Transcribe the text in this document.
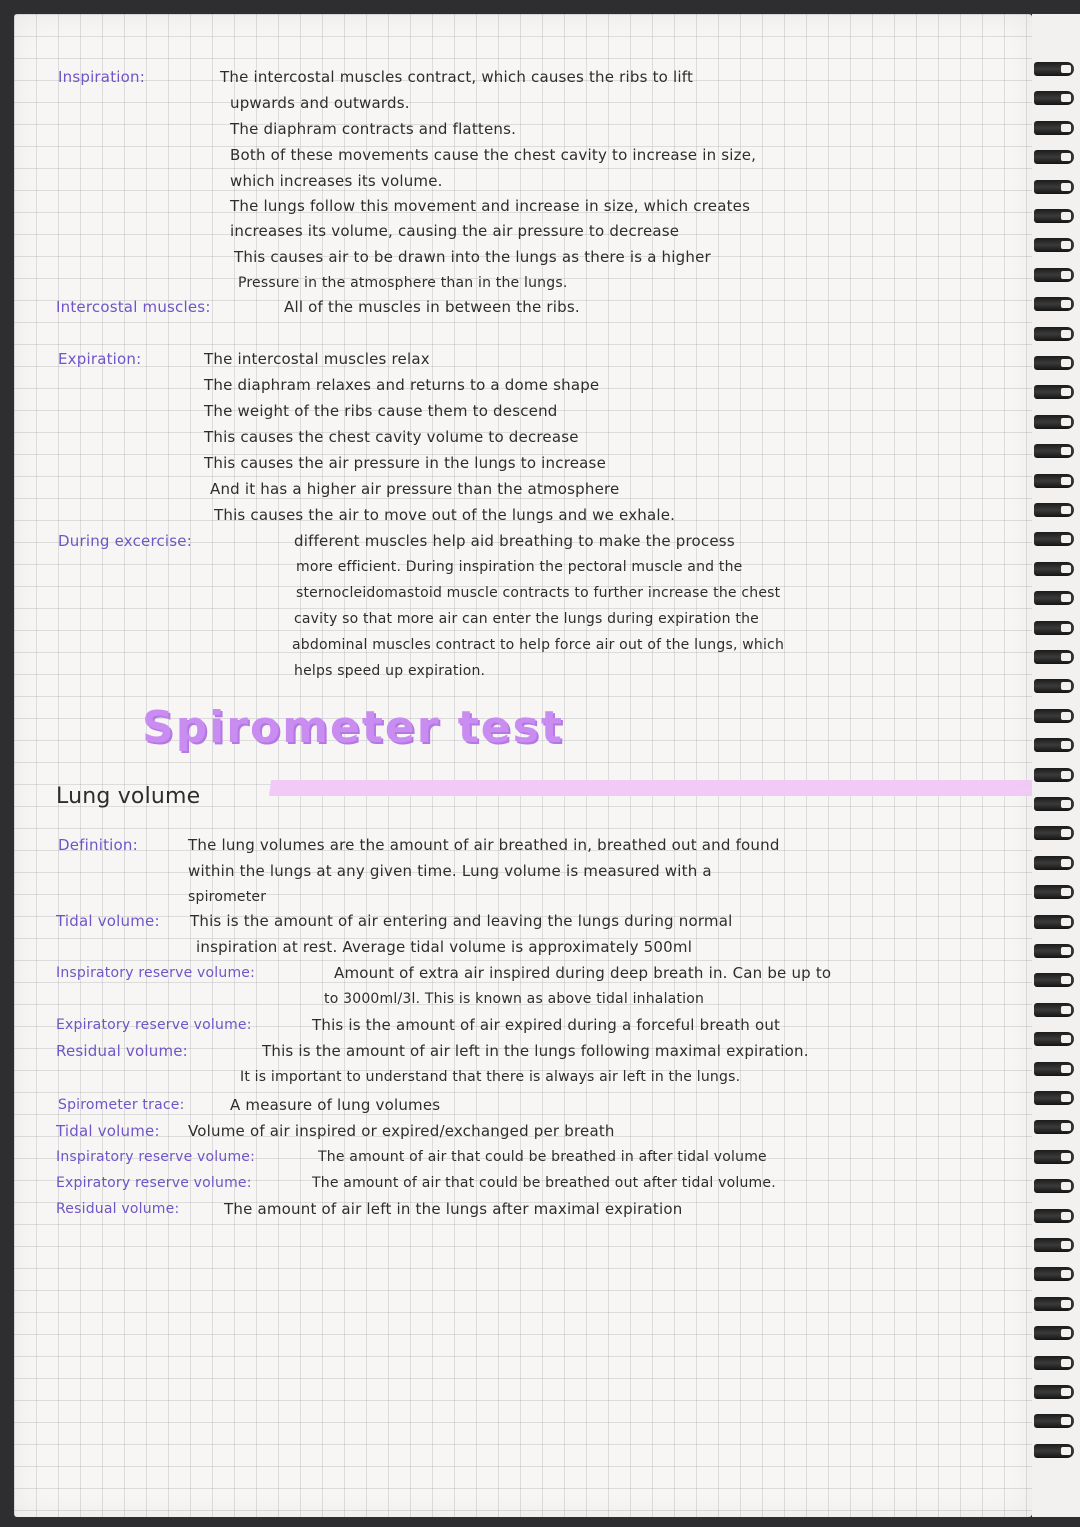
Inspiration:	The intercostal muscles contract, which causes the ribs to lift

upwards and outwards.

The diaphram contracts and flattens.

Both of these movements cause the chest cavity to increase in size,

which increases its volume.

The lungs follow this movement and increase in size, which creates

increases its volume, causing the air pressure to decrease

This causes air to be drawn into the lungs as there is a higher

Pressure in the atmosphere than in the lungs.

Intercostal muscles:	All of the muscles in between the ribs.

Expiration:	The intercostal muscles relax

The diaphram relaxes and returns to a dome shape

The weight of the ribs cause them to descend

This causes the chest cavity volume to decrease

This causes the air pressure in the lungs to increase

And it has a higher air pressure than the atmosphere

This causes the air to move out of the lungs and we exhale.

During excercise:	different muscles help aid breathing to make the process

more efficient. During inspiration the pectoral muscle and the

sternocleidomastoid muscle contracts to further increase the chest

cavity so that more air can enter the lungs during expiration the

abdominal muscles contract to help force air out of the lungs, which

helps speed up expiration.

Spirometer test

Lung volume

Definition:	The lung volumes are the amount of air breathed in, breathed out and found

within the lungs at any given time. Lung volume is measured with a

spirometer

Tidal volume: This is the amount of air entering and leaving the lungs during normal

inspiration at rest. Average tidal volume is approximately 500ml

Inspiratory reserve volume:	Amount of extra air inspired during deep breath in. Can be up to

to 3000ml/3l. This is known as above tidal inhalation

Expiratory reserve volume:	This is the amount of air expired during a forceful breath out

Residual volume:	This is the amount of air left in the lungs following maximal expiration.

It is important to understand that there is always air left in the lungs.

Spirometer trace:	A measure of lung volumes

Tidal volume: Volume of air inspired or expired/exchanged per breath

Inspiratory reserve volume:	The amount of air that could be breathed in after tidal volume

Expiratory reserve volume:	The amount of air that could be breathed out after tidal volume.

Residual volume:	The amount of air left in the lungs after maximal expiration
